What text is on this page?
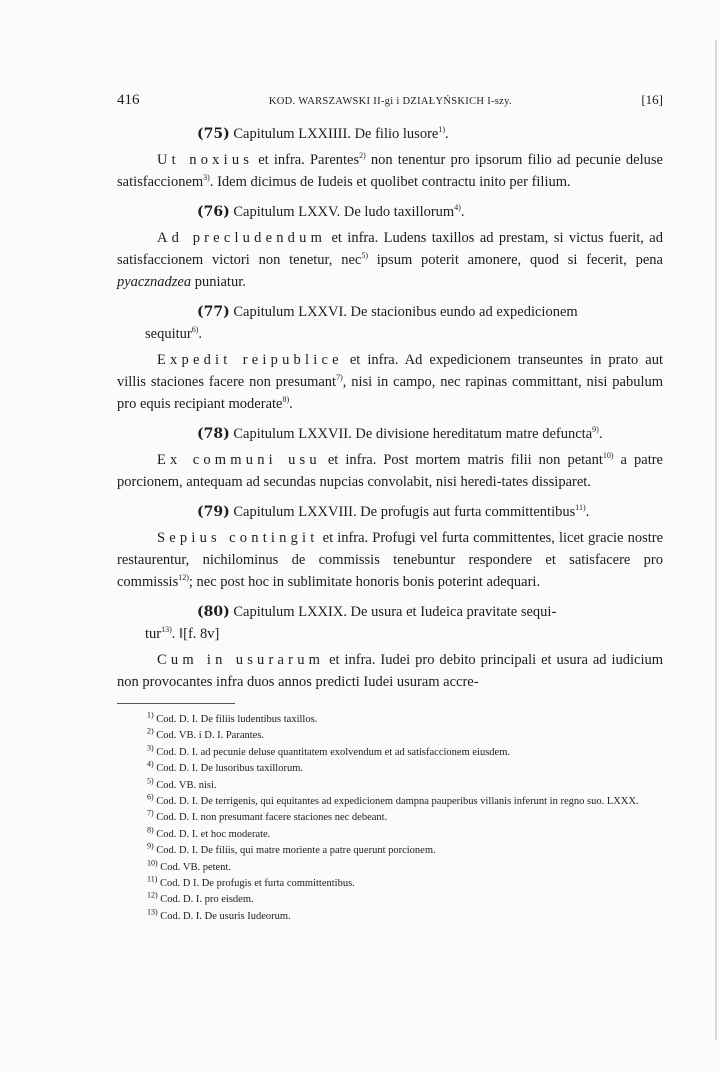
416	KOD. WARSZAWSKI II-gi i DZIAŁYŃSKICH I-szy.	[16]
(75) Capitulum LXXIIII. De filio lusore$^{1)}$.

Ut noxius et infra. Parentes$^{2)}$ non tenentur pro ipsorum filio ad pecunie deluse satisfaccionem$^{3)}$. Idem dicimus de Iudeis et quolibet contractu inito per filium.

(76) Capitulum LXXV. De ludo taxillorum$^{4)}$.

Ad precludendum et infra. Ludens taxillos ad prestam, si victus fuerit, ad satisfaccionem victori non tenetur, nec$^{5)}$ ipsum poterit amonere, quod si fecerit, pena pyacznadzea puniatur.

(77) Capitulum LXXVI. De stacionibus eundo ad expedicionem
sequitur$^{6)}$.

Expedit reipublice et infra. Ad expedicionem transeuntes in prato aut villis staciones facere non presumant$^{7)}$, nisi in campo, nec rapinas committant, nisi pabulum pro equis recipiant moderate$^{8)}$.

(78) Capitulum LXXVII. De divisione hereditatum matre defuncta$^{9)}$.

Ex communi usu et infra. Post mortem matris filii non petant$^{10)}$ a patre porcionem, antequam ad secundas nupcias convolabit, nisi heredi-tates dissiparet.

(79) Capitulum LXXVIII. De profugis aut furta committentibus$^{11)}$.

Sepius contingit et infra. Profugi vel furta committentes, licet gracie nostre restaurentur, nichilominus de commissis tenebuntur respondere et satisfacere pro commissis$^{12)}$; nec post hoc in sublimitate honoris bonis poterint adequari.

(80) Capitulum LXXIX. De usura et Iudeica pravitate sequi-
tur$^{13)}$. ‖[f. 8v]

Cum in usurarum et infra. Iudei pro debito principali et usura ad iudicium non provocantes infra duos annos predicti Iudei usuram accre-

$^{1)}$ Cod. D. I. De filiis ludentibus taxillos.
$^{2)}$ Cod. VB. i D. I. Parantes.
$^{3)}$ Cod. D. I. ad pecunie deluse quantitatem exolvendum et ad satisfaccionem eiusdem.
$^{4)}$ Cod. D. I. De lusoribus taxillorum.
$^{5)}$ Cod. VB. nisi.
$^{6)}$ Cod. D. I. De terrigenis, qui equitantes ad expedicionem dampna pauperibus villanis inferunt in regno suo. LXXX.
$^{7)}$ Cod. D. I. non presumant facere staciones nec debeant.
$^{8)}$ Cod. D. I. et hoc moderate.
$^{9)}$ Cod. D. I. De filiis, qui matre moriente a patre querunt porcionem.
$^{10)}$ Cod. VB. petent.
$^{11)}$ Cod. D I. De profugis et furta committentibus.
$^{12)}$ Cod. D. I. pro eisdem.
$^{13)}$ Cod. D. I. De usuris Iudeorum.
